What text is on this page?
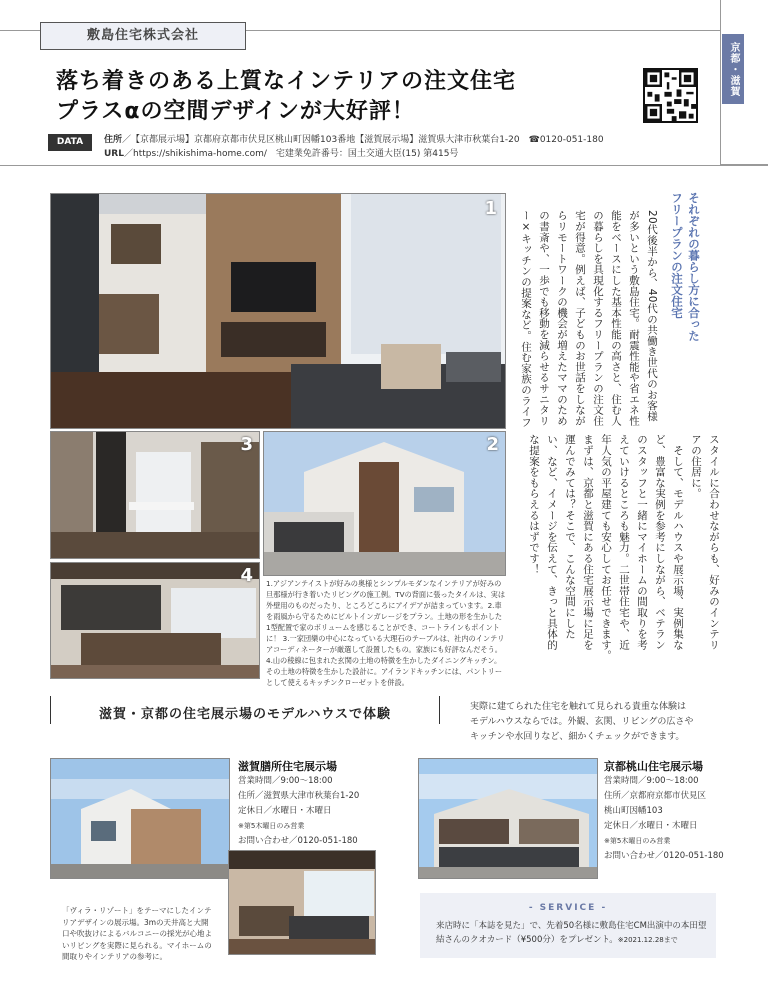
敷島住宅株式会社
京都・滋賀
落ち着きのある上質なインテリアの注文住宅
プラスαの空間デザインが大好評！
DATA	住所／【京都展示場】京都府京都市伏見区桃山町因幡103番地【滋賀展示場】滋賀県大津市秋葉台1-20　☎0120-051-180
URL／https://shikishima-home.com/　宅建業免許番号：国土交通大臣(15) 第415号
1
3	2
4 1.アジアンテイストが好みの奥様とシンプルモダンなインテリアが好みの旦那様が行き着いたリビングの施工例。TVの背面に張ったタイルは、実は外壁用のものだったり、ところどころにアイデアが詰まっています。2.車を雨風から守るためにビルトインガレージをプラン。土地の形を生かした1型配置で家のボリュームを感じることができ、コートラインもポイントに！ 3.一家団欒の中心になっている大理石のテーブルは、社内のインテリアコーディネーターが厳選して設置したもの。家族にも好評なんだそう。4.山の稜線に包まれた玄関の土地の特徴を生かしたダイニングキッチン。その土地の特徴を生かした設計に。アイランドキッチンには、パントリーとして使えるキッチンクローゼットを併設。
それぞれの暮らし方に合った
フリープランの注文住宅
20代後半から、40代の共働き世代のお客様
が多いという敷島住宅。耐震性能や省エネ性
能をベースにした基本性能の高さと、住む人
の暮らしを具現化するフリープランの注文住
宅が得意。例えば、子どものお世話をしなが
らリモートワークの機会が増えたママのため
の書斎や、一歩でも移動を減らせるサニタリ
ー×キッチンの提案など。住む家族のライフ
スタイルに合わせながらも、好みのインテリ
アの住居に。
　そして、モデルハウスや展示場、実例集な
ど、豊富な実例を参考にしながら、ベテラン
のスタッフと一緒にマイホームの間取りを考
えていけるところも魅力。二世帯住宅や、近
年人気の平屋建ても安心してお任せできます。
まずは、京都と滋賀にある住宅展示場に足を
運んでみては？そこで、こんな空間にした
い、など、イメージを伝えて、きっと具体的
な提案をもらえるはずです！
滋賀・京都の住宅展示場のモデルハウスで体験	実際に建てられた住宅を触れて見られる貴重な体験は
モデルハウスならでは。外観、玄関、リビングの広さや
キッチンや水回りなど、細かくチェックができます。
滋賀膳所住宅展示場
営業時間／9:00～18:00
住所／滋賀県大津市秋葉台1-20
定休日／水曜日・木曜日
※第5木曜日のみ営業
お問い合わせ／0120-051-180
「ヴィラ・リゾート」をテーマにしたインテリアデザインの展示場。3mの天井高と大開口や吹抜けによるバルコニーの採光が心地よいリビングを実際に見られる。マイホームの間取りやインテリアの参考に。
京都桃山住宅展示場
営業時間／9:00～18:00
住所／京都府京都市伏見区
桃山町因幡103
定休日／水曜日・木曜日
※第5木曜日のみ営業
お問い合わせ／0120-051-180
- SERVICE -
来店時に「本誌を見た」で、先着50名様に敷島住宅CM出演中の本田望結さんのクオカード（¥500分）をプレゼント。※2021.12.28まで
